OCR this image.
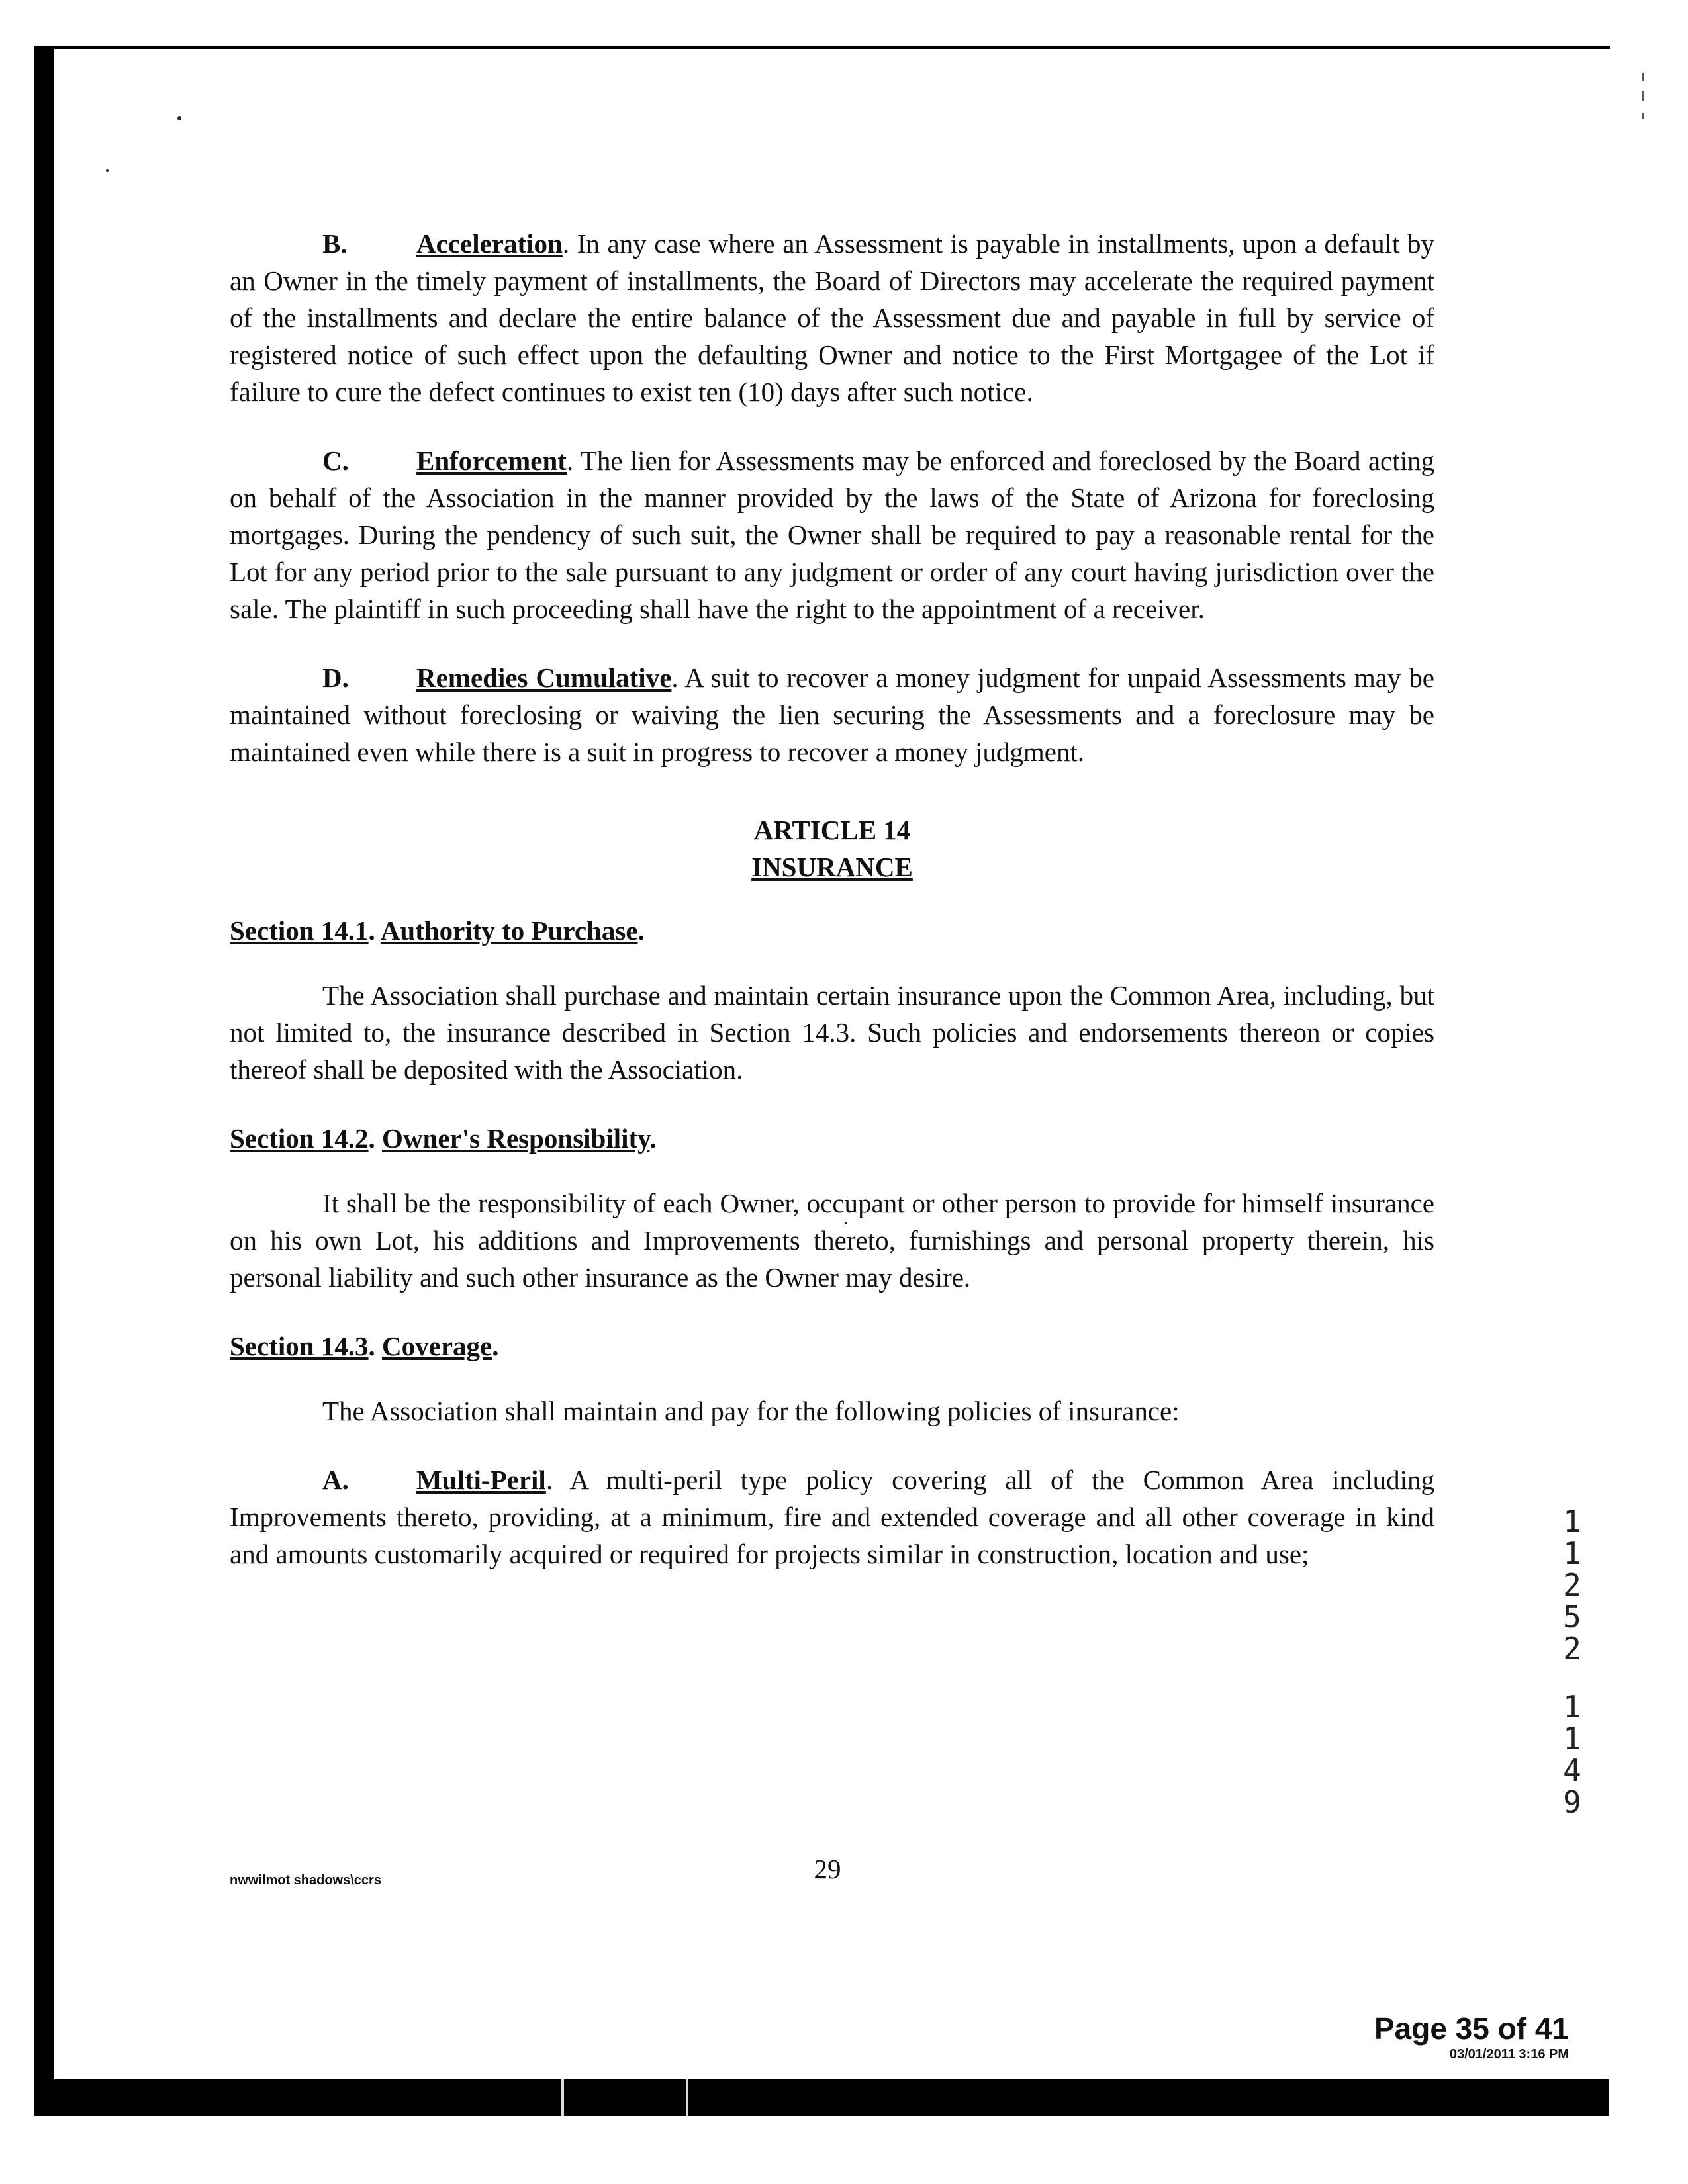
B.	Acceleration. In any case where an Assessment is payable in installments, upon a default by an Owner in the timely payment of installments, the Board of Directors may accelerate the required payment of the installments and declare the entire balance of the Assessment due and payable in full by service of registered notice of such effect upon the defaulting Owner and notice to the First Mortgagee of the Lot if failure to cure the defect continues to exist ten (10) days after such notice.

C. Enforcement. The lien for Assessments may be enforced and foreclosed by the Board acting on behalf of the Association in the manner provided by the laws of the State of Arizona for foreclosing mortgages. During the pendency of such suit, the Owner shall be required to pay a reasonable rental for the Lot for any period prior to the sale pursuant to any judgment or order of any court having jurisdiction over the sale. The plaintiff in such proceeding shall have the right to the appointment of a receiver.

D. Remedies Cumulative. A suit to recover a money judgment for unpaid Assessments may be maintained without foreclosing or waiving the lien securing the Assessments and a foreclosure may be maintained even while there is a suit in progress to recover a money judgment.

ARTICLE 14
INSURANCE
Section 14.1. Authority to Purchase.

The Association shall purchase and maintain certain insurance upon the Common Area, including, but not limited to, the insurance described in Section 14.3. Such policies and endorsements thereon or copies thereof shall be deposited with the Association.

Section 14.2. Owner's Responsibility.

It shall be the responsibility of each Owner, occupant or other person to provide for himself insurance on his own Lot, his additions and Improvements thereto, furnishings and personal property therein, his personal liability and such other insurance as the Owner may desire.

Section 14.3. Coverage.

The Association shall maintain and pay for the following policies of insurance:

A. Multi-Peril. A multi-peril type policy covering all of the Common Area including Improvements thereto, providing, at a minimum, fire and extended coverage and all other coverage in kind and amounts customarily acquired or required for projects similar in construction, location and use;

1
1
2
5
2
1
1
4
9
nwwilmot shadows\ccrs	29
Page 35 of 41
03/01/2011 3:16 PM
